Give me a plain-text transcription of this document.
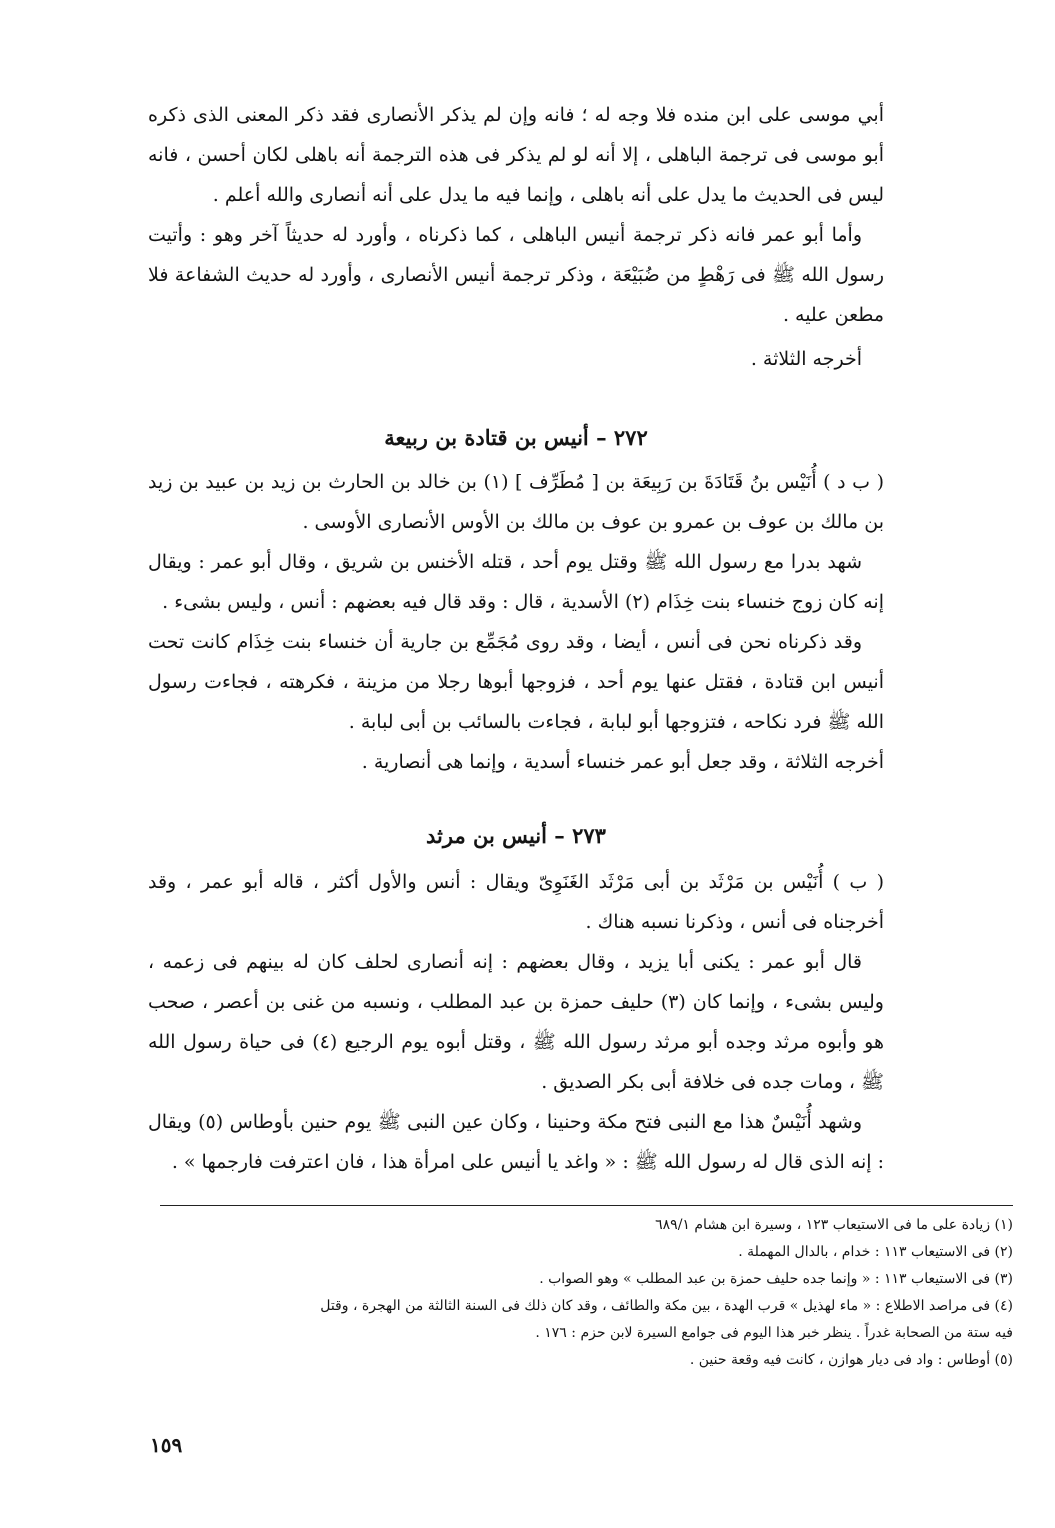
أبي موسى على ابن منده فلا وجه له ؛ فانه وإن لم يذكر الأنصارى فقد ذكر المعنى الذى ذكره أبو موسى فى ترجمة الباهلى ، إلا أنه لو لم يذكر فى هذه الترجمة أنه باهلى لكان أحسن ، فانه ليس فى الحديث ما يدل على أنه باهلى ، وإنما فيه ما يدل على أنه أنصارى والله أعلم .

وأما أبو عمر فانه ذكر ترجمة أنيس الباهلى ، كما ذكرناه ، وأورد له حديثاً آخر وهو : وأتيت رسول الله ﷺ فى رَهْطٍ من ضُبَيْعَة ، وذكر ترجمة أنيس الأنصارى ، وأورد له حديث الشفاعة فلا مطعن عليه .

أخرجه الثلاثة .

٢٧٢ – أنيس بن قتادة بن ربيعة

( ب د ) أُنَيْس بنُ قَتَادَةَ بن رَبِيعَة بن [ مُطَرِّف ] (١) بن خالد بن الحارث بن زيد بن عبيد بن زيد بن مالك بن عوف بن عمرو بن عوف بن مالك بن الأوس الأنصارى الأوسى .

شهد بدرا مع رسول الله ﷺ وقتل يوم أحد ، قتله الأخنس بن شريق ، وقال أبو عمر : ويقال إنه كان زوج خنساء بنت خِذَام (٢) الأسدية ، قال : وقد قال فيه بعضهم : أنس ، وليس بشىء .

وقد ذكرناه نحن فى أنس ، أيضا ، وقد روى مُجَمِّع بن جارية أن خنساء بنت خِذَام كانت تحت أنيس ابن قتادة ، فقتل عنها يوم أحد ، فزوجها أبوها رجلا من مزينة ، فكرهته ، فجاءت رسول الله ﷺ فرد نكاحه ، فتزوجها أبو لبابة ، فجاءت بالسائب بن أبى لبابة .

أخرجه الثلاثة ، وقد جعل أبو عمر خنساء أسدية ، وإنما هى أنصارية .

٢٧٣ – أنيس بن مرثد

( ب ) أُنَيْس بن مَرْثَد بن أبى مَرْثَد الغَنَوِىّ ويقال : أنس والأول أكثر ، قاله أبو عمر ، وقد أخرجناه فى أنس ، وذكرنا نسبه هناك .

قال أبو عمر : يكنى أبا يزيد ، وقال بعضهم : إنه أنصارى لحلف كان له بينهم فى زعمه ، وليس بشىء ، وإنما كان (٣) حليف حمزة بن عبد المطلب ، ونسبه من غنى بن أعصر ، صحب هو وأبوه مرثد وجده أبو مرثد رسول الله ﷺ ، وقتل أبوه يوم الرجيع (٤) فى حياة رسول الله ﷺ ، ومات جده فى خلافة أبى بكر الصديق .

وشهد أُنَيْسٌ هذا مع النبى فتح مكة وحنينا ، وكان عين النبى ﷺ يوم حنين بأوطاس (٥) ويقال : إنه الذى قال له رسول الله ﷺ : « واغد يا أنيس على امرأة هذا ، فان اعترفت فارجمها » .

(١) زيادة على ما فى الاستيعاب ١٢٣ ، وسيرة ابن هشام ٦٨٩/١

(٢) فى الاستيعاب ١١٣ : خدام ، بالدال المهملة .

(٣) فى الاستيعاب ١١٣ : « وإنما جده حليف حمزة بن عبد المطلب » وهو الصواب .

(٤) فى مراصد الاطلاع : « ماء لهذيل » قرب الهدة ، بين مكة والطائف ، وقد كان ذلك فى السنة الثالثة من الهجرة ، وقتل

فيه ستة من الصحابة غدراً . ينظر خبر هذا اليوم فى جوامع السيرة لابن حزم : ١٧٦ .

(٥) أوطاس : واد فى ديار هوازن ، كانت فيه وقعة حنين .

١٥٩
